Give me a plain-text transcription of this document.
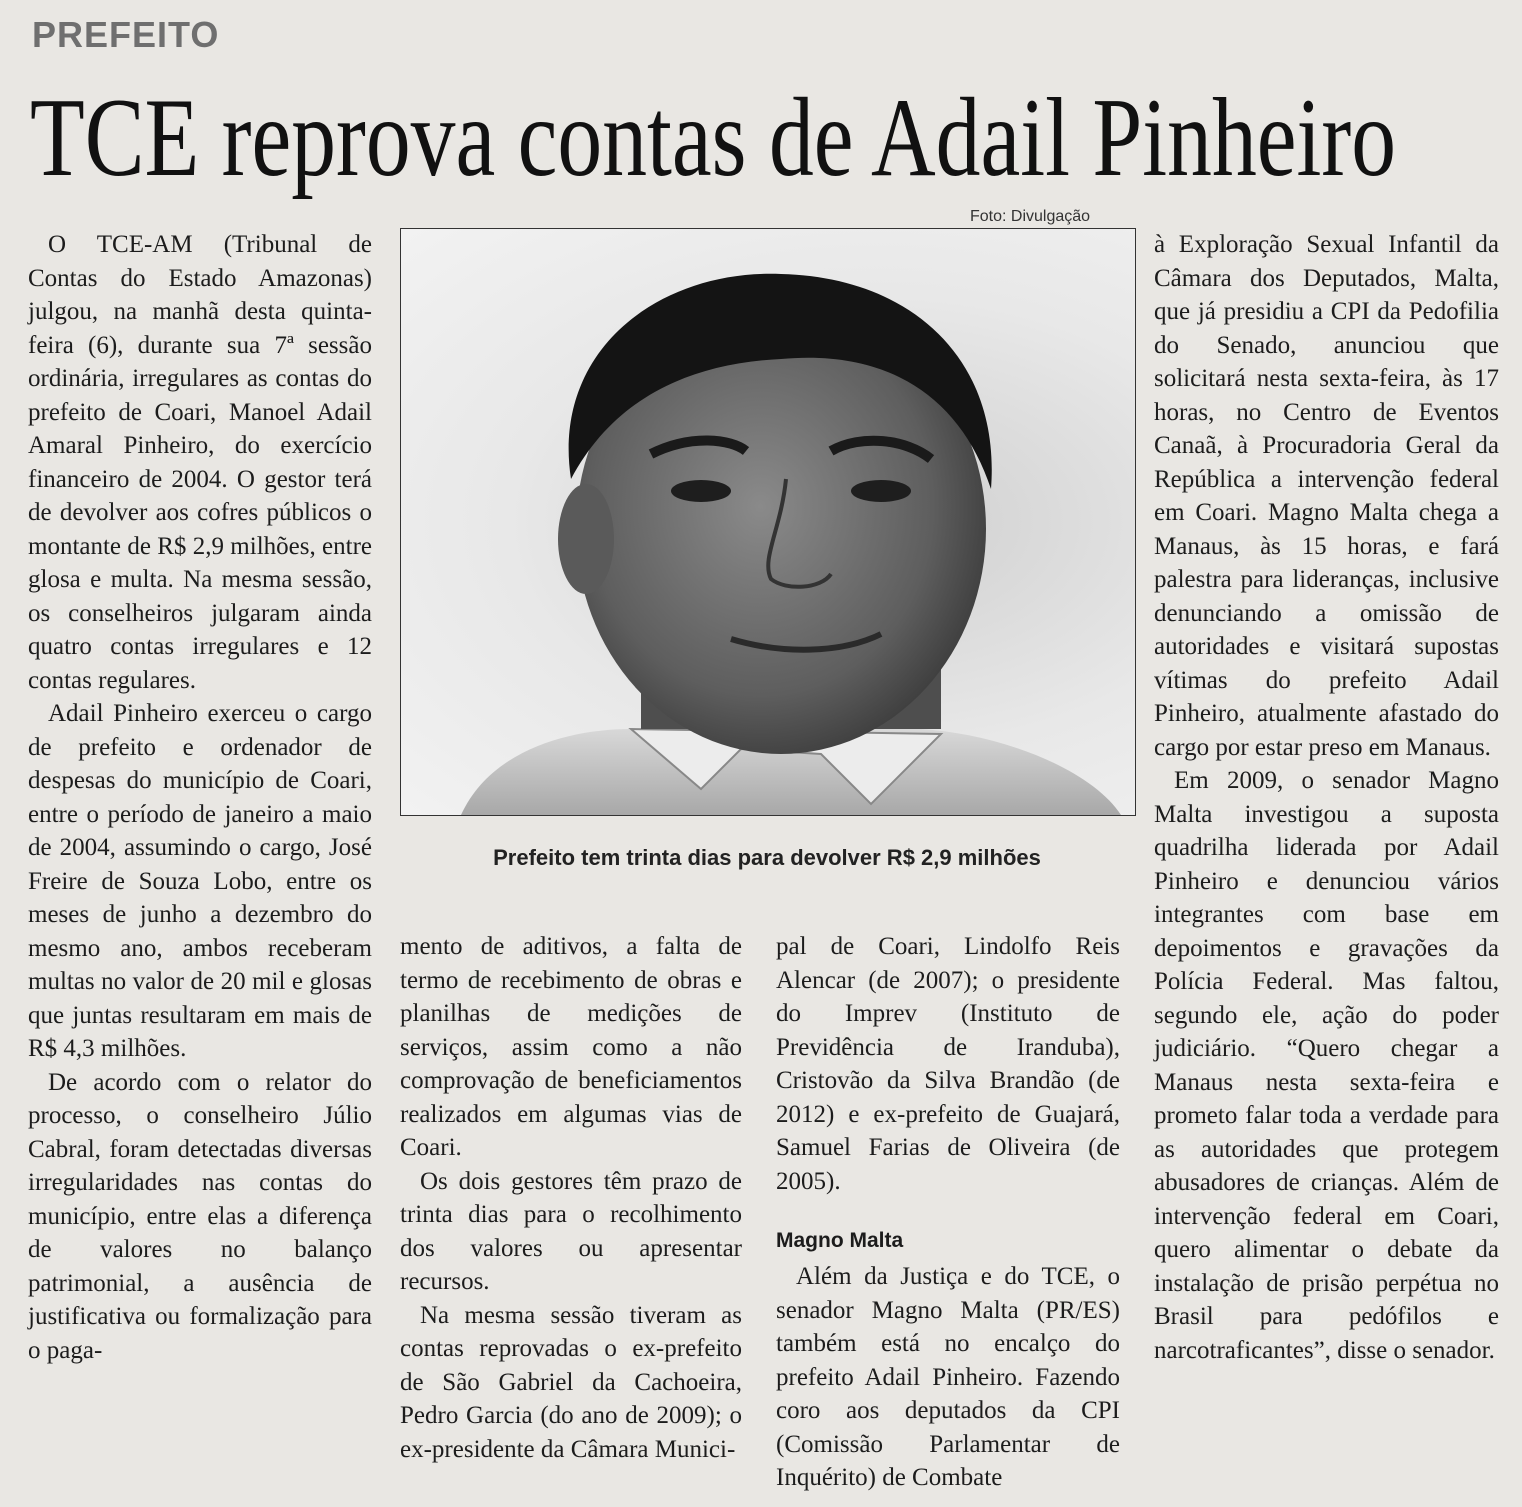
PREFEITO
TCE reprova contas de Adail Pinheiro
Foto: Divulgação
Prefeito tem trinta dias para devolver R$ 2,9 milhões

O TCE-AM (Tribunal de Contas do Estado Amazonas) julgou, na manhã desta quinta-feira (6), durante sua 7ª sessão ordinária, irregulares as contas do prefeito de Coari, Manoel Adail Amaral Pinheiro, do exercício financeiro de 2004. O gestor terá de devolver aos cofres públicos o montante de R$ 2,9 milhões, entre glosa e multa. Na mesma sessão, os conselheiros julgaram ainda quatro contas irregulares e 12 contas regulares.

Adail Pinheiro exerceu o cargo de prefeito e ordenador de despesas do município de Coari, entre o período de janeiro a maio de 2004, assumindo o cargo, José Freire de Souza Lobo, entre os meses de junho a dezembro do mesmo ano, ambos receberam multas no valor de 20 mil e glosas que juntas resultaram em mais de R$ 4,3 milhões.

De acordo com o relator do processo, o conselheiro Júlio Cabral, foram detectadas diversas irregularidades nas contas do município, entre elas a diferença de valores no balanço patrimonial, a ausência de justificativa ou formalização para o paga-

mento de aditivos, a falta de termo de recebimento de obras e planilhas de medições de serviços, assim como a não comprovação de beneficiamentos realizados em algumas vias de Coari.

Os dois gestores têm prazo de trinta dias para o recolhimento dos valores ou apresentar recursos.

Na mesma sessão tiveram as contas reprovadas o ex-prefeito de São Gabriel da Cachoeira, Pedro Garcia (do ano de 2009); o ex-presidente da Câmara Munici-

pal de Coari, Lindolfo Reis Alencar (de 2007); o presidente do Imprev (Instituto de Previdência de Iranduba), Cristovão da Silva Brandão (de 2012) e ex-prefeito de Guajará, Samuel Farias de Oliveira (de 2005).

Magno Malta

Além da Justiça e do TCE, o senador Magno Malta (PR/ES) também está no encalço do prefeito Adail Pinheiro. Fazendo coro aos deputados da CPI (Comissão Parlamentar de Inquérito) de Combate

à Exploração Sexual Infantil da Câmara dos Deputados, Malta, que já presidiu a CPI da Pedofilia do Senado, anunciou que solicitará nesta sexta-feira, às 17 horas, no Centro de Eventos Canaã, à Procuradoria Geral da República a intervenção federal em Coari. Magno Malta chega a Manaus, às 15 horas, e fará palestra para lideranças, inclusive denunciando a omissão de autoridades e visitará supostas vítimas do prefeito Adail Pinheiro, atualmente afastado do cargo por estar preso em Manaus.

Em 2009, o senador Magno Malta investigou a suposta quadrilha liderada por Adail Pinheiro e denunciou vários integrantes com base em depoimentos e gravações da Polícia Federal. Mas faltou, segundo ele, ação do poder judiciário. “Quero chegar a Manaus nesta sexta-feira e prometo falar toda a verdade para as autoridades que protegem abusadores de crianças. Além de intervenção federal em Coari, quero alimentar o debate da instalação de prisão perpétua no Brasil para pedófilos e narcotraficantes”, disse o senador.
